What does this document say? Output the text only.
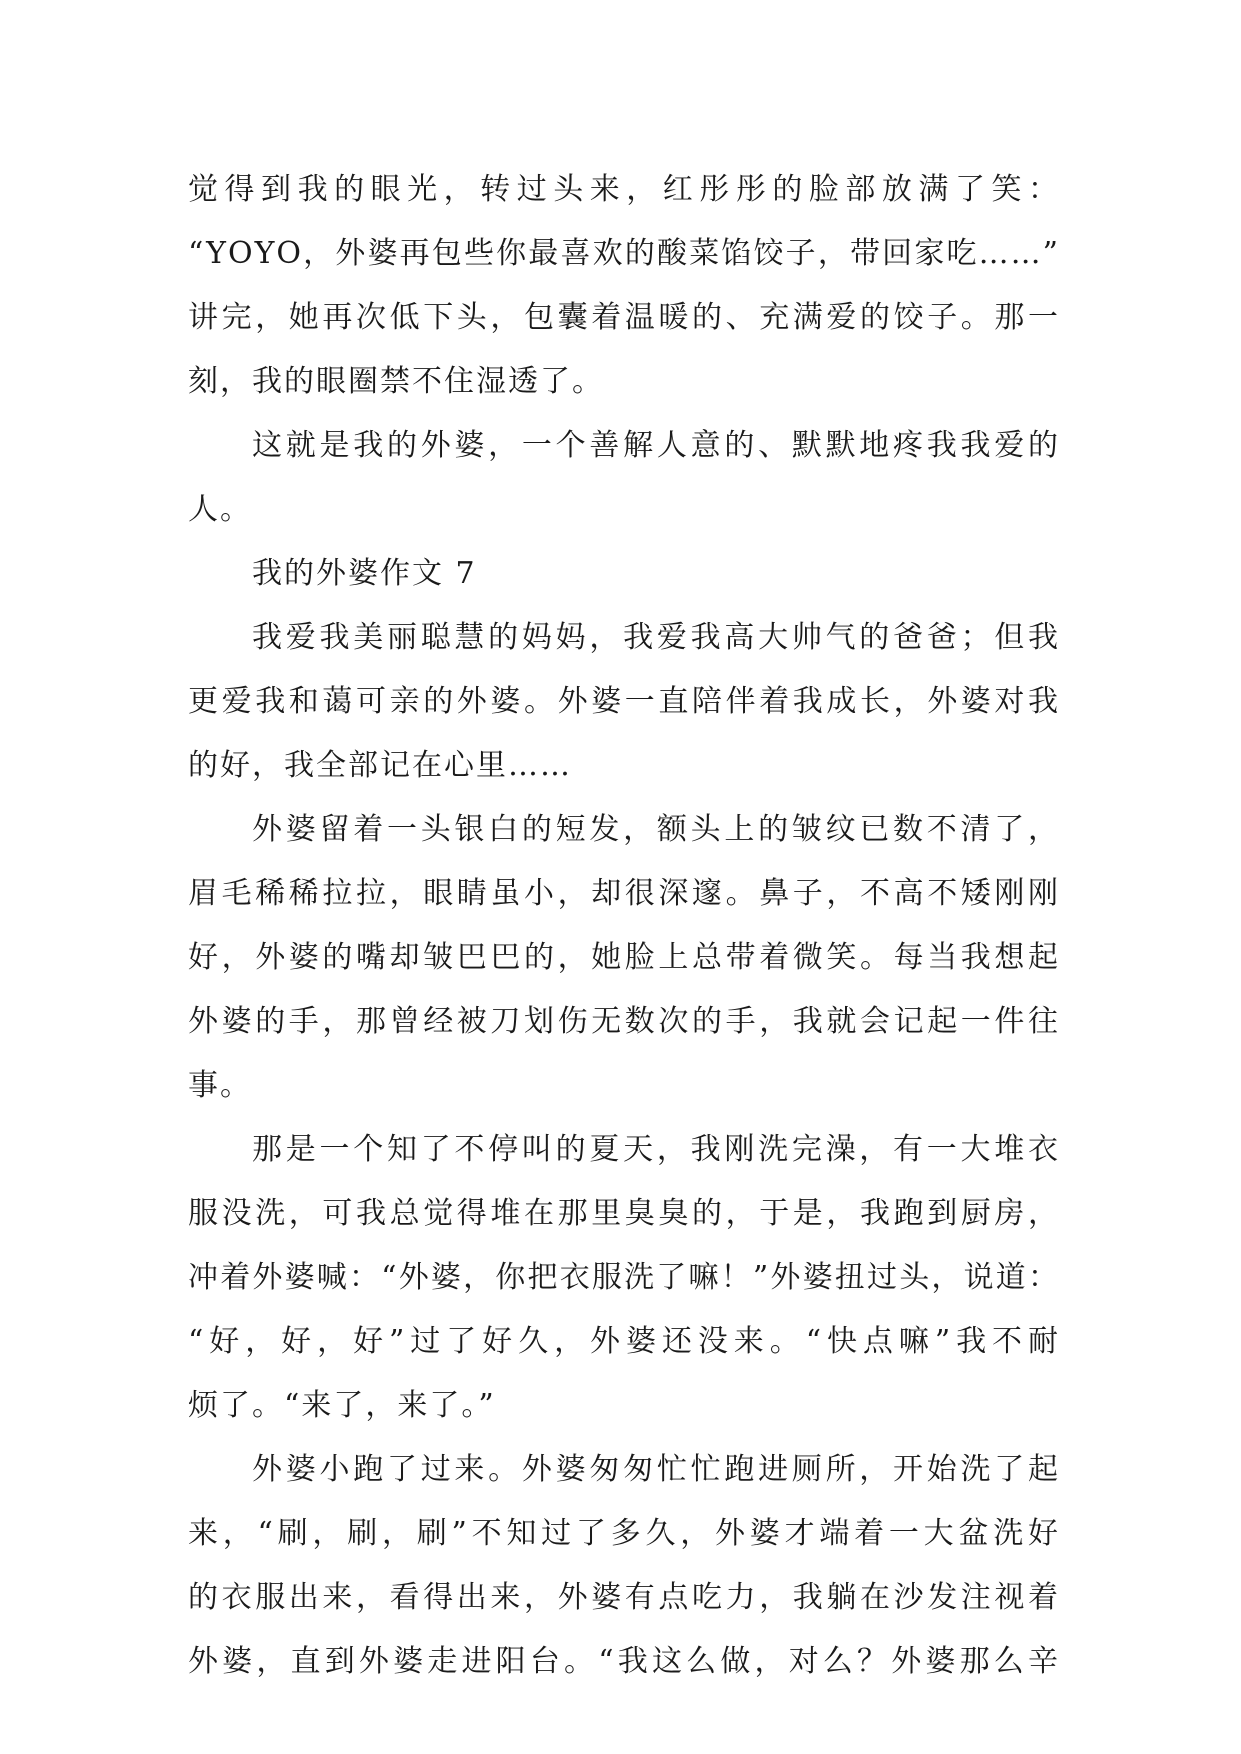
觉得到我的眼光，转过头来，红彤彤的脸部放满了笑：
“YOYO，外婆再包些你最喜欢的酸菜馅饺子，带回家吃……”
讲完，她再次低下头，包囊着温暖的、充满爱的饺子。那一
刻，我的眼圈禁不住湿透了。
这就是我的外婆，一个善解人意的、默默地疼我我爱的
人。
我的外婆作文 7
我爱我美丽聪慧的妈妈，我爱我高大帅气的爸爸；但我
更爱我和蔼可亲的外婆。外婆一直陪伴着我成长，外婆对我
的好，我全部记在心里……
外婆留着一头银白的短发，额头上的皱纹已数不清了，
眉毛稀稀拉拉，眼睛虽小，却很深邃。鼻子，不高不矮刚刚
好，外婆的嘴却皱巴巴的，她脸上总带着微笑。每当我想起
外婆的手，那曾经被刀划伤无数次的手，我就会记起一件往
事。
那是一个知了不停叫的夏天，我刚洗完澡，有一大堆衣
服没洗，可我总觉得堆在那里臭臭的，于是，我跑到厨房，
冲着外婆喊：“外婆，你把衣服洗了嘛！”外婆扭过头，说道：
“好，好，好”过了好久，外婆还没来。“快点嘛”我不耐
烦了。“来了，来了。”
外婆小跑了过来。外婆匆匆忙忙跑进厕所，开始洗了起
来，“刷，刷，刷”不知过了多久，外婆才端着一大盆洗好
的衣服出来，看得出来，外婆有点吃力，我躺在沙发注视着
外婆，直到外婆走进阳台。“我这么做，对么？外婆那么辛
